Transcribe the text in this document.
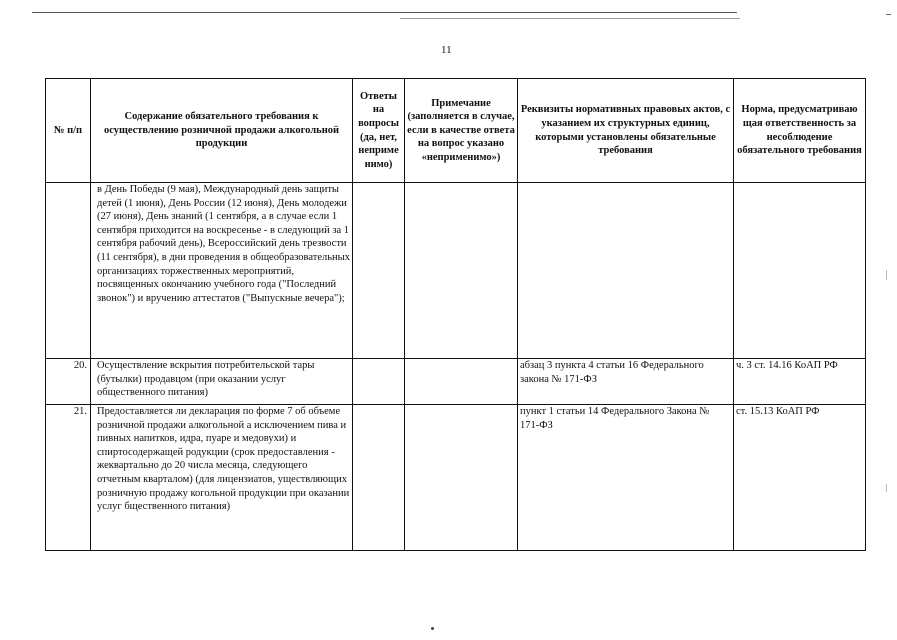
11
№ п/п	Содержание обязательного требования к осуществлению розничной продажи алкогольной продукции	Ответы на вопросы (да, нет, неприме нимо)	Примечание (заполняется в случае, если в качестве ответа на вопрос указано «неприменимо»)	Реквизиты нормативных правовых актов, с указанием их структурных единиц, которыми установлены обязательные требования	Норма, предусматриваю щая ответственность за несоблюдение обязательного требования
	в День Победы (9 мая), Международный день защиты детей (1 июня), День России (12 июня), День молодежи (27 июня), День знаний (1 сентября, а в случае если 1 сентября приходится на воскресенье - в следующий за 1 сентября рабочий день), Всероссийский день трезвости (11 сентября), в дни проведения в общеобразовательных организациях торжественных мероприятий, посвященных окончанию учебного года ("Последний звонок") и вручению аттестатов ("Выпускные вечера");				
20.	Осуществление вскрытия потребительской тары (бутылки) продавцом (при оказании услуг общественного питания)			абзац 3 пункта 4 статьи 16 Федерального закона № 171-ФЗ	ч. 3 ст. 14.16 КоАП РФ
21.	Предоставляется ли декларация по форме 7 об объеме розничной продажи алкогольной а исключением пива и пивных напитков, идра, пуаре и медовухи) и спиртосодержащей родукции (срок предоставления - жеквартально до 20 числа месяца, следующего отчетным кварталом) (для лицензиатов, уществляющих розничную продажу когольной продукции при оказании услуг бщественного питания)			пункт 1 статьи 14 Федерального Закона № 171-ФЗ	ст. 15.13 КоАП РФ
